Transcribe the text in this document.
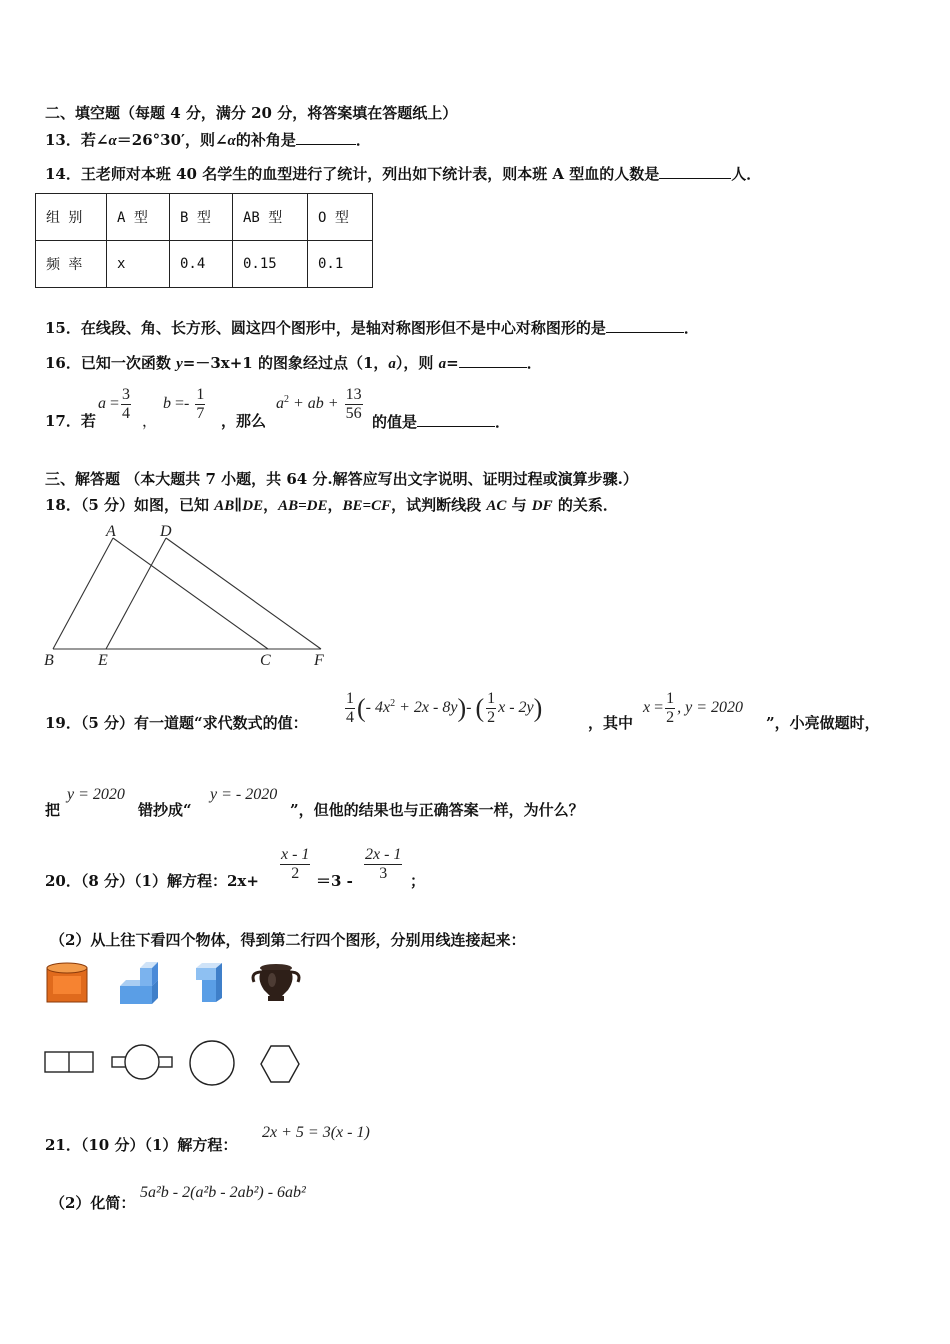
二、填空题（每题 4 分，满分 20 分，将答案填在答题纸上）
13．若∠α＝26°30′，则∠α的补角是	．
14．王老师对本班 40 名学生的血型进行了统计，列出如下统计表，则本班 A 型血的人数是	人．
组 别	A 型	B 型	AB 型	O 型
频 率	x	0.4	0.15	0.1
15．在线段、角、长方形、圆这四个图形中，是轴对称图形但不是中心对称图形的是	．
16．已知一次函数 y=－3x+1 的图象经过点（1，a），则 a=	．
17．若
$a = \frac{3}{4}$ ，
$b =- \frac{1}{7}$ ，那么
$a^2$ + ab + $\frac{13}{56}$ 的值是	．
三、解答题 （本大题共 7 小题，共 64 分.解答应写出文字说明、证明过程或演算步骤.）
18．（5 分）如图，已知 AB∥DE，AB=DE，BE=CF，试判断线段 AC 与 DF 的关系．
A	D
B	E	C	F
19．（5 分）有一道题“求代数式的值： $\frac{1}{4}$ (- $4x^2 + 2x - 8y)-$ ( $\frac{1}{2}$ x - 2y)
，其中
$x = \frac{1}{2}$ , y = 2020
”，小亮做题时，
把
y = 2020
错抄成“
y = - 2020
”，但他的结果也与正确答案一样，为什么？
20．（8 分）（1）解方程：$2x+ \frac{x - 1}{2} =3 - \frac{2x - 1}{3}$ ；
（2）从上往下看四个物体，得到第二行四个图形，分别用线连接起来：
21．（10 分）（1）解方程：
2x + 5 = 3(x - 1)
（2）化简：
5a²b - 2(a²b - 2ab²) - 6ab²
